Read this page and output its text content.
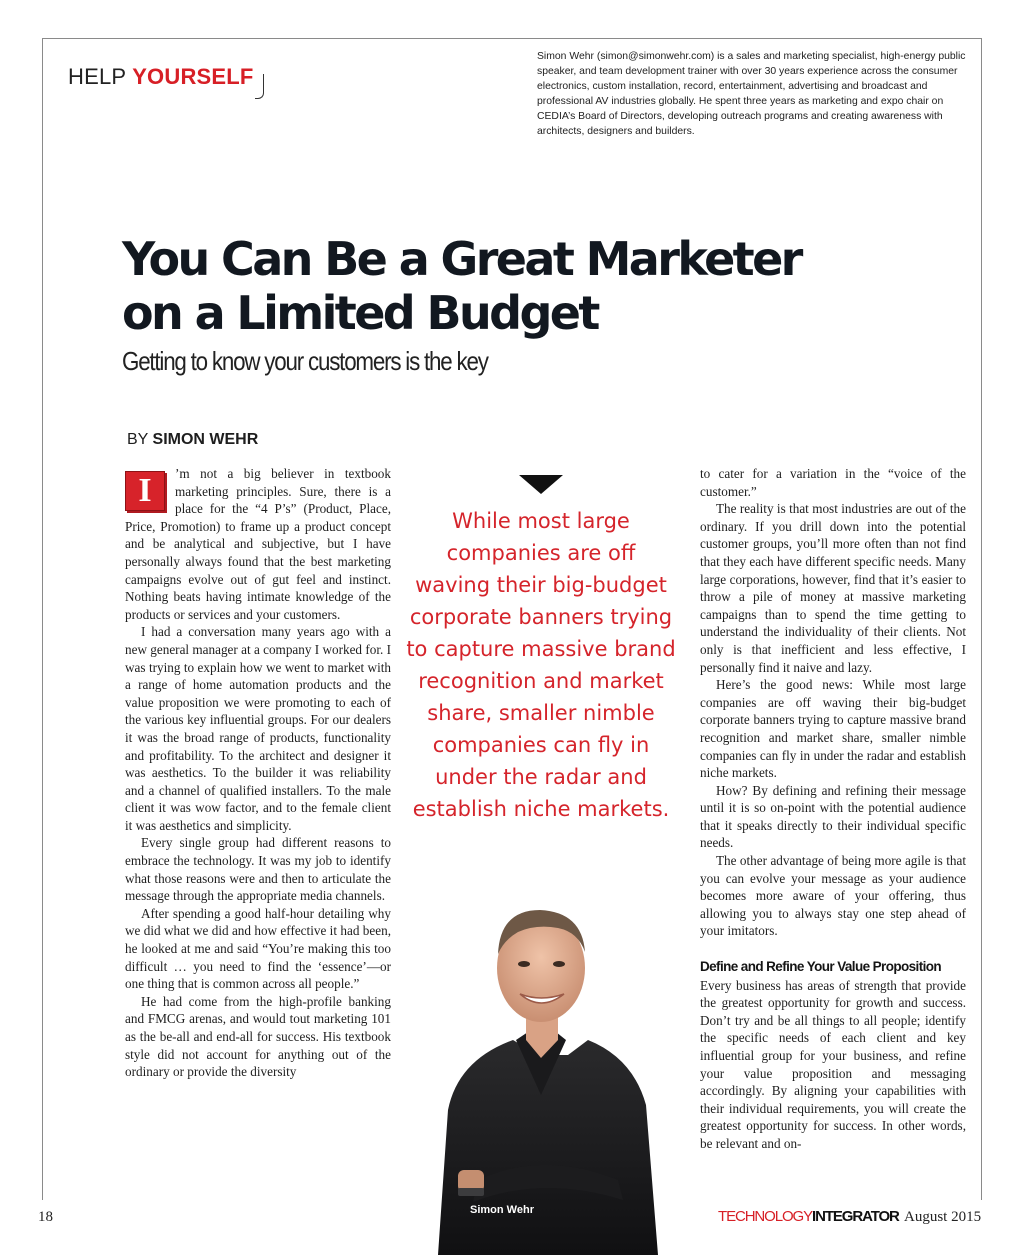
HELP YOURSELF
Simon Wehr (simon@simonwehr.com) is a sales and marketing specialist, high-energy public speaker, and team development trainer with over 30 years experience across the consumer electronics, custom installation, record, entertainment, advertising and broadcast and professional AV industries globally. He spent three years as marketing and expo chair on CEDIA’s Board of Directors, developing outreach programs and creating awareness with architects, designers and builders.
You Can Be a Great Marketer
on a Limited Budget
Getting to know your customers is the key
BY SIMON WEHR

I	’m not a big believer in textbook marketing principles. Sure, there is a place for the “4 P’s” (Product, Place, Price, Promotion) to frame up a product concept and be analytical and subjective, but I have personally always found that the best marketing campaigns evolve out of gut feel and instinct. Nothing beats having intimate knowledge of the products or services and your customers.

I had a conversation many years ago with a new general manager at a company I worked for. I was trying to explain how we went to market with a range of home automation products and the value proposition we were promoting to each of the various key influential groups. For our dealers it was the broad range of products, functionality and profitability. To the architect and designer it was aesthetics. To the builder it was reliability and a channel of qualified installers. To the male client it was wow factor, and to the female client it was aesthetics and simplicity.

Every single group had different reasons to embrace the technology. It was my job to identify what those reasons were and then to articulate the message through the appropriate media channels.

After spending a good half-hour detailing why we did what we did and how effective it had been, he looked at me and said “You’re making this too difficult … you need to find the ‘essence’—or one thing that is common across all people.”

He had come from the high-profile banking and FMCG arenas, and would tout marketing 101 as the be-all and end-all for success. His textbook style did not account for anything out of the ordinary or provide the diversity

While most large companies are off waving their big-budget corporate banners trying to capture massive brand recognition and market share, smaller nimble companies can fly in under the radar and establish niche markets.

to cater for a variation in the “voice of the customer.”

The reality is that most industries are out of the ordinary. If you drill down into the potential customer groups, you’ll more often than not find that they each have different specific needs. Many large corporations, however, find that it’s easier to throw a pile of money at massive marketing campaigns than to spend the time getting to understand the individuality of their clients. Not only is that inefficient and less effective, I personally find it naive and lazy.

Here’s the good news: While most large companies are off waving their big-budget corporate banners trying to capture massive brand recognition and market share, smaller nimble companies can fly in under the radar and establish niche markets.

How? By defining and refining their message until it is so on-point with the potential audience that it speaks directly to their individual specific needs.

The other advantage of being more agile is that you can evolve your message as your audience becomes more aware of your offering, thus allowing you to always stay one step ahead of your imitators.

Define and Refine Your Value Proposition

Every business has areas of strength that provide the greatest opportunity for growth and success. Don’t try and be all things to all people; identify the specific needs of each client and key influential group for your business, and refine your value proposition and messaging accordingly. By aligning your capabilities with their individual requirements, you will create the greatest opportunity for success. In other words, be relevant and on-

Simon Wehr
18	TECHNOLOGYINTEGRATOR August 2015
